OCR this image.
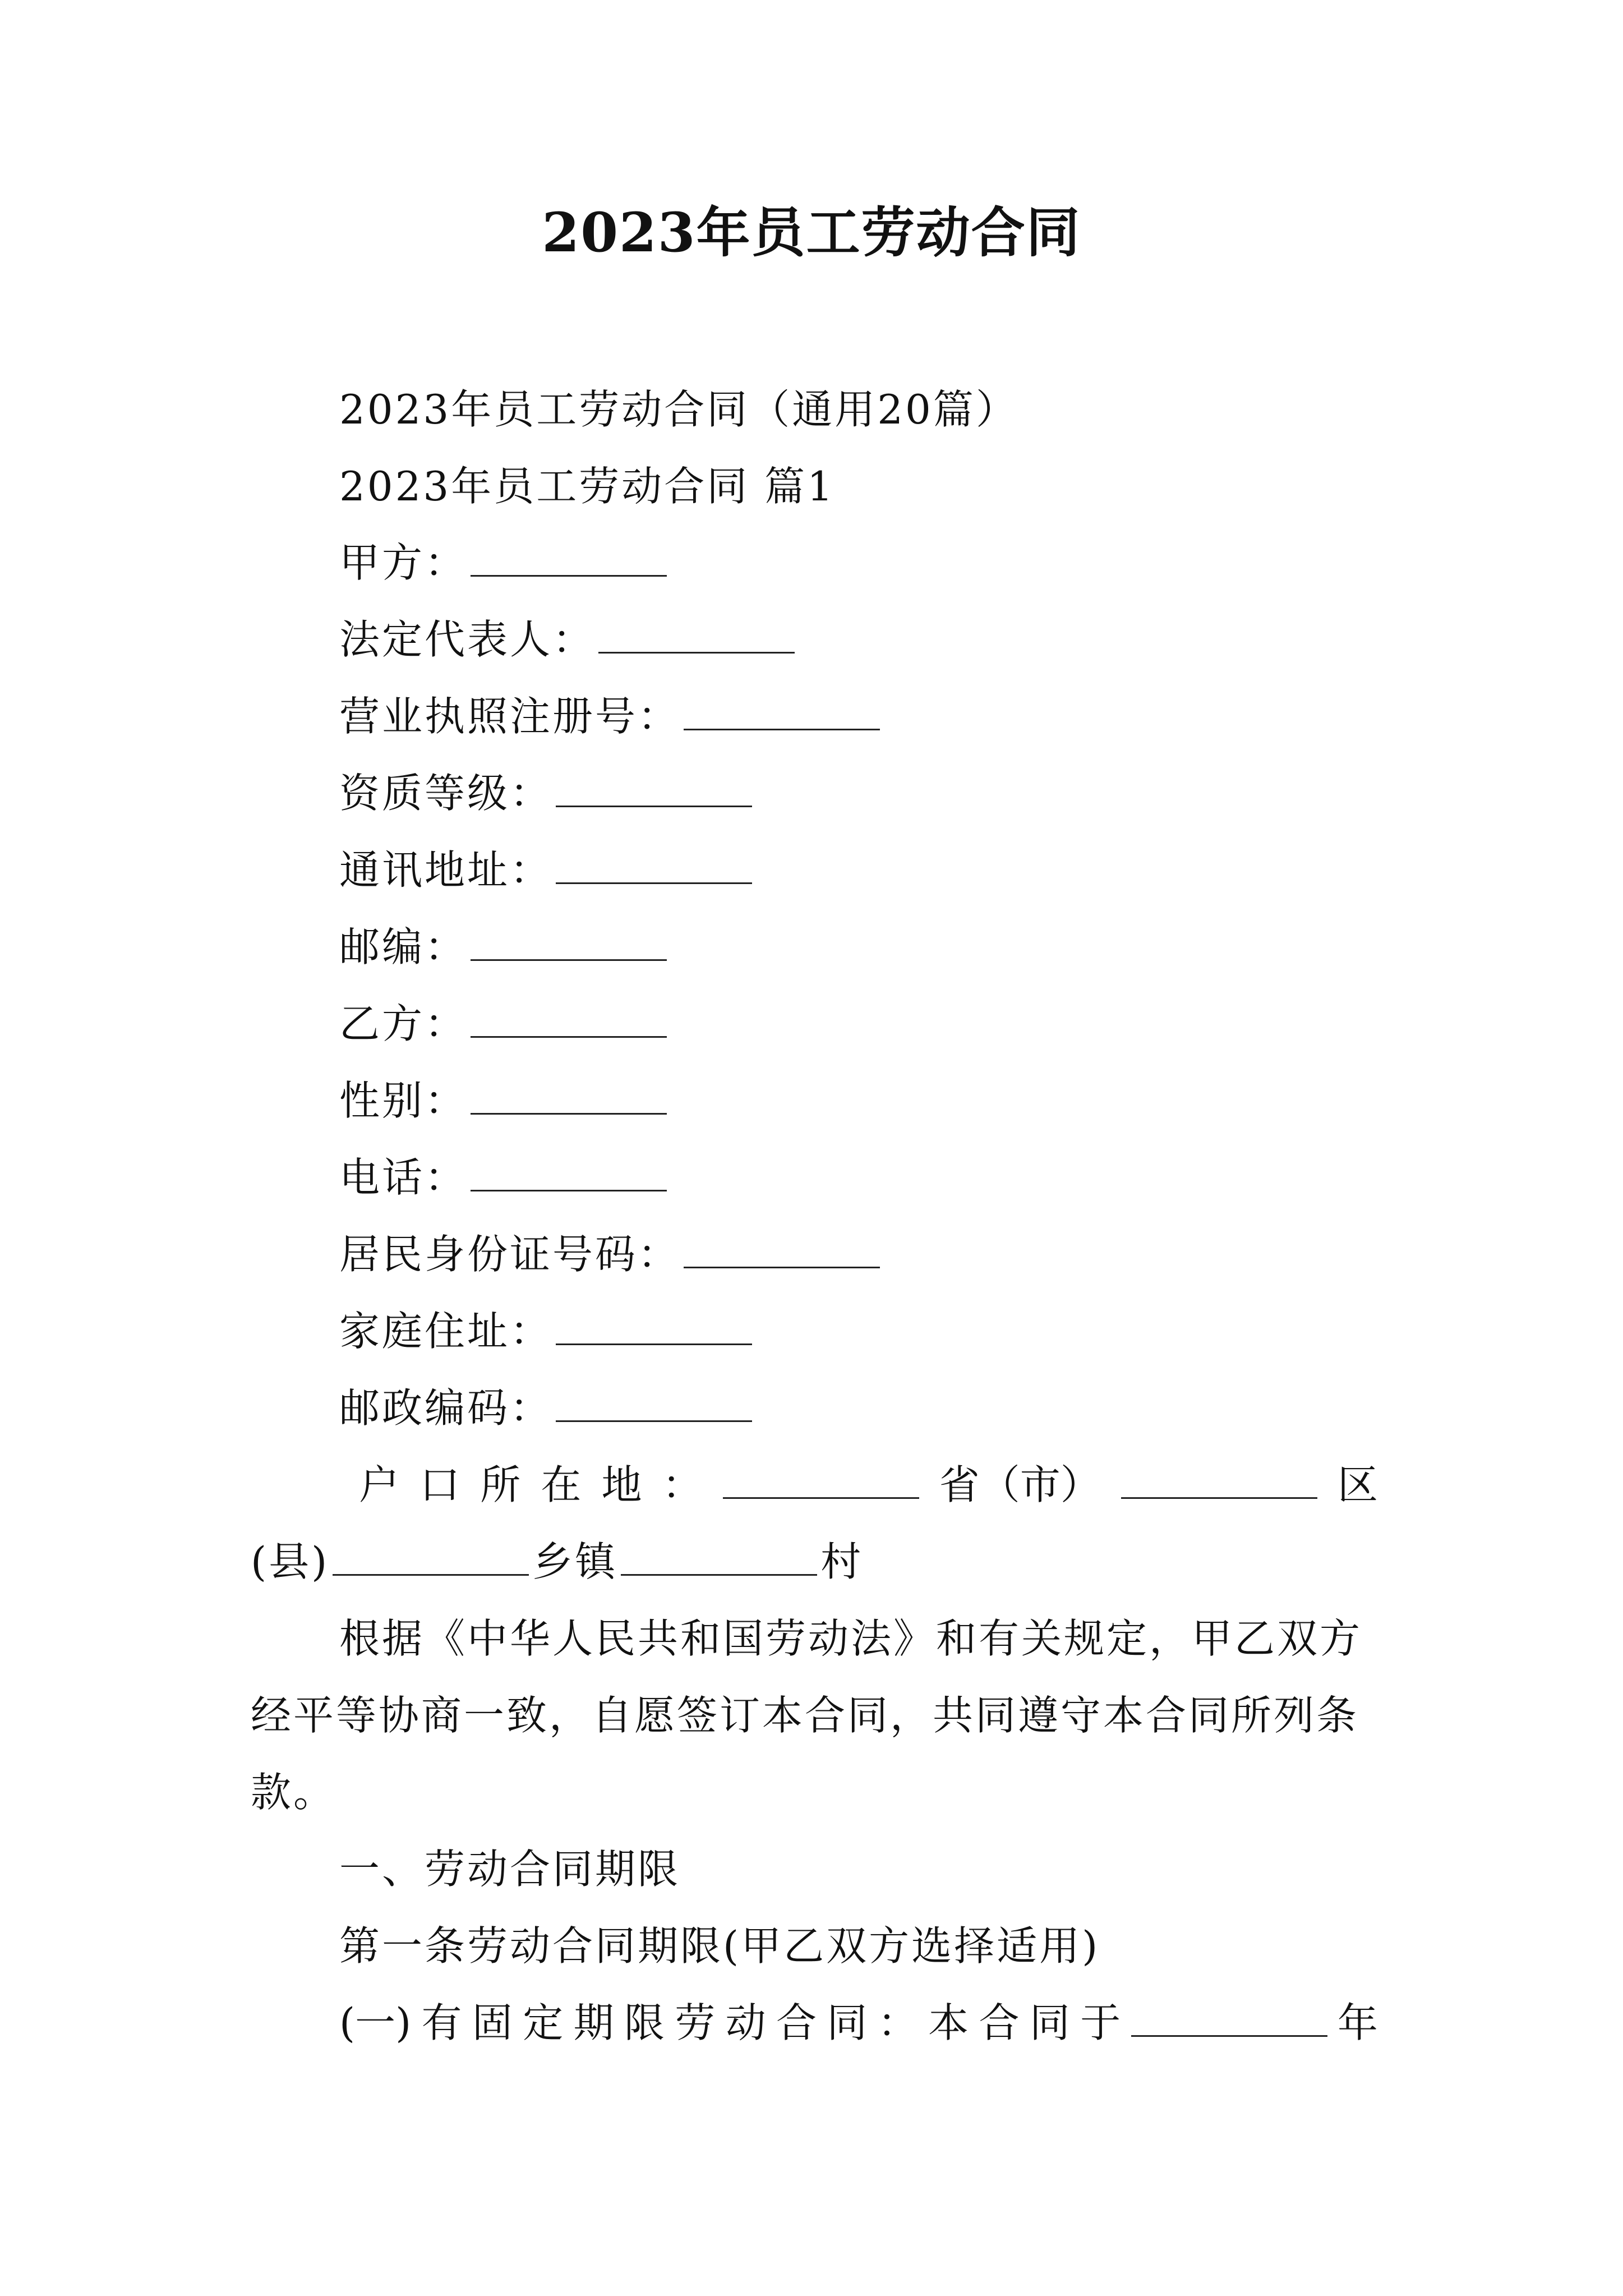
2023年员工劳动合同
2023年员工劳动合同（通用20篇）
2023年员工劳动合同 篇1
甲方：
法定代表人：
营业执照注册号：
资质等级：
通讯地址：
邮编：
乙方：
性别：
电话：
居民身份证号码：
家庭住址：
邮政编码：
户 口 所 在 地 ：	省（市）	区
(县)	乡镇	村
根据《中华人民共和国劳动法》和有关规定，甲乙双方
经平等协商一致，自愿签订本合同，共同遵守本合同所列条
款。
一、劳动合同期限
第一条劳动合同期限(甲乙双方选择适用)
(一) 有 固 定 期 限 劳 动 合 同 ： 本 合 同 于	年
